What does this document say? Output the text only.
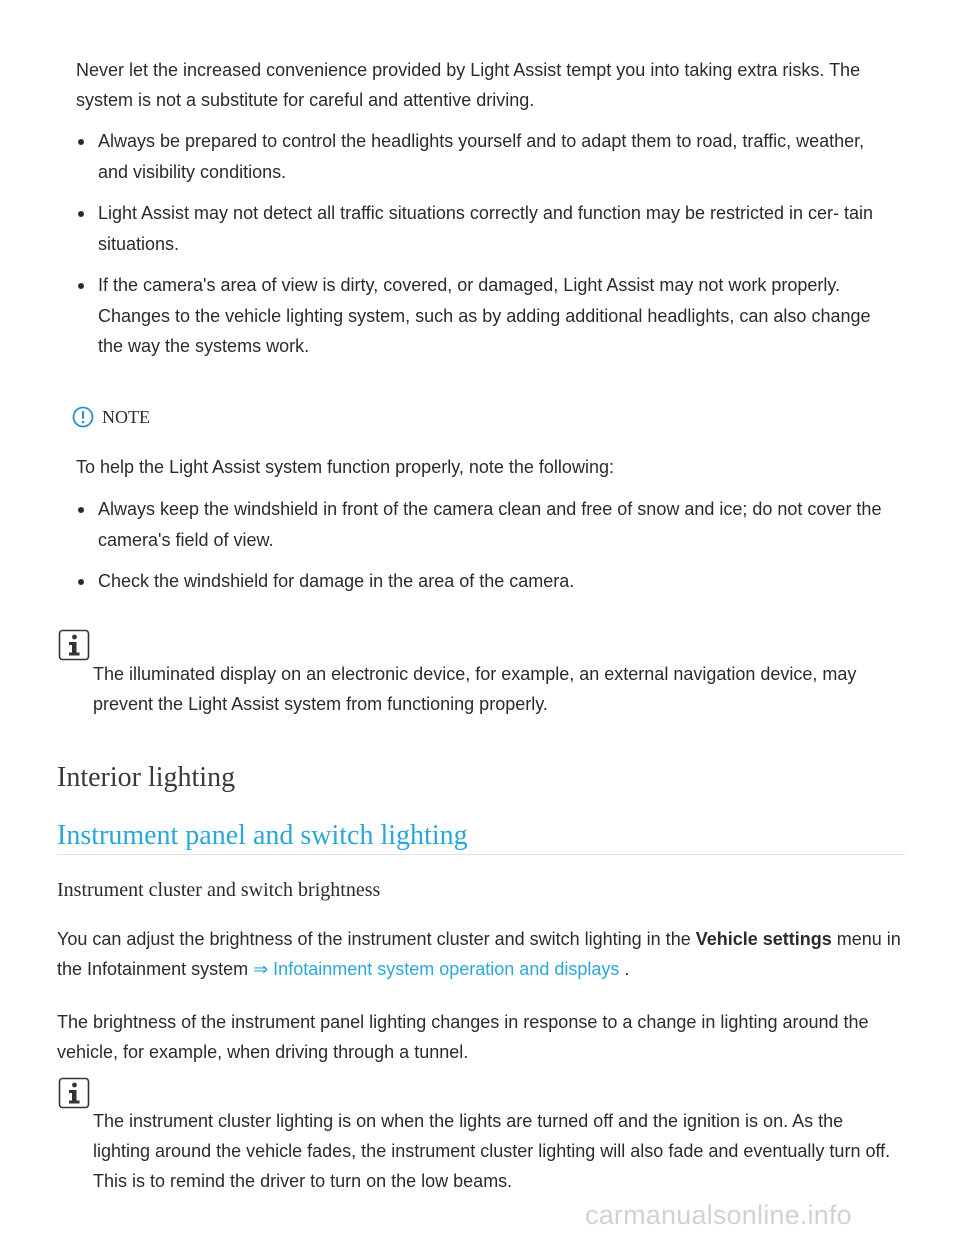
Never let the increased convenience provided by Light Assist tempt you into taking extra risks. The system is not a substitute for careful and attentive driving.

Always be prepared to control the headlights yourself and to adapt them to road, traffic, weather, and visibility conditions.
Light Assist may not detect all traffic situations correctly and function may be restricted in cer- tain situations.
If the camera's area of view is dirty, covered, or damaged, Light Assist may not work properly. Changes to the vehicle lighting system, such as by adding additional headlights, can also change the way the systems work.
NOTE

To help the Light Assist system function properly, note the following:

Always keep the windshield in front of the camera clean and free of snow and ice; do not cover the camera's field of view.
Check the windshield for damage in the area of the camera.

The illuminated display on an electronic device, for example, an external navigation device, may prevent the Light Assist system from functioning properly.

Interior lighting
Instrument panel and switch lighting
Instrument cluster and switch brightness

You can adjust the brightness of the instrument cluster and switch lighting in the Vehicle settings menu in the Infotainment system ⇒ Infotainment system operation and displays .

The brightness of the instrument panel lighting changes in response to a change in lighting around the vehicle, for example, when driving through a tunnel.

The instrument cluster lighting is on when the lights are turned off and the ignition is on. As the lighting around the vehicle fades, the instrument cluster lighting will also fade and eventually turn off. This is to remind the driver to turn on the low beams.

carmanualsonline.info
